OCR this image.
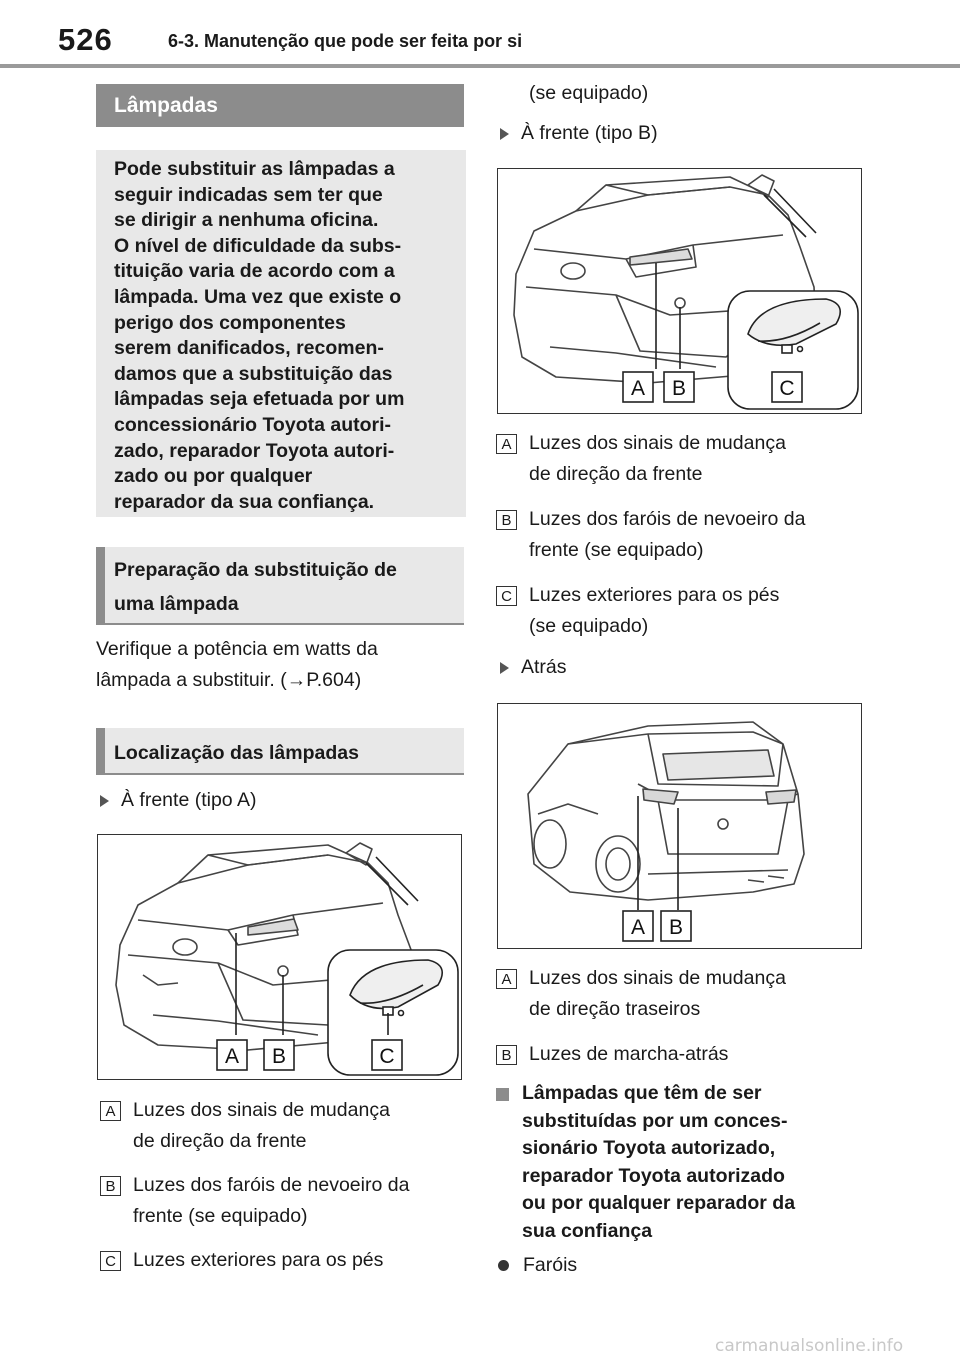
526	6-3. Manutenção que pode ser feita por si
Lâmpadas
Pode substituir as lâmpadas a
seguir indicadas sem ter que
se dirigir a nenhuma oficina.
O nível de dificuldade da subs-
tituição varia de acordo com a
lâmpada. Uma vez que existe o
perigo dos componentes
serem danificados, recomen-
damos que a substituição das
lâmpadas seja efetuada por um
concessionário Toyota autori-
zado, reparador Toyota autori-
zado ou por qualquer
reparador da sua confiança.
Preparação da substituição de
uma lâmpada
Verifique a potência em watts da
lâmpada a substituir. (→P.604)
Localização das lâmpadas
À frente (tipo A)
A B	C
A Luzes dos sinais de mudança
de direção da frente
B Luzes dos faróis de nevoeiro da
frente (se equipado)
C Luzes exteriores para os pés
(se equipado)
À frente (tipo B)
A B	C
A Luzes dos sinais de mudança
de direção da frente
B Luzes dos faróis de nevoeiro da
frente (se equipado)
C Luzes exteriores para os pés
(se equipado)
Atrás
A B
A Luzes dos sinais de mudança
de direção traseiros
B Luzes de marcha-atrás
Lâmpadas que têm de ser
substituídas por um conces-
sionário Toyota autorizado,
reparador Toyota autorizado
ou por qualquer reparador da
sua confiança
Faróis
carmanualsonline.info
